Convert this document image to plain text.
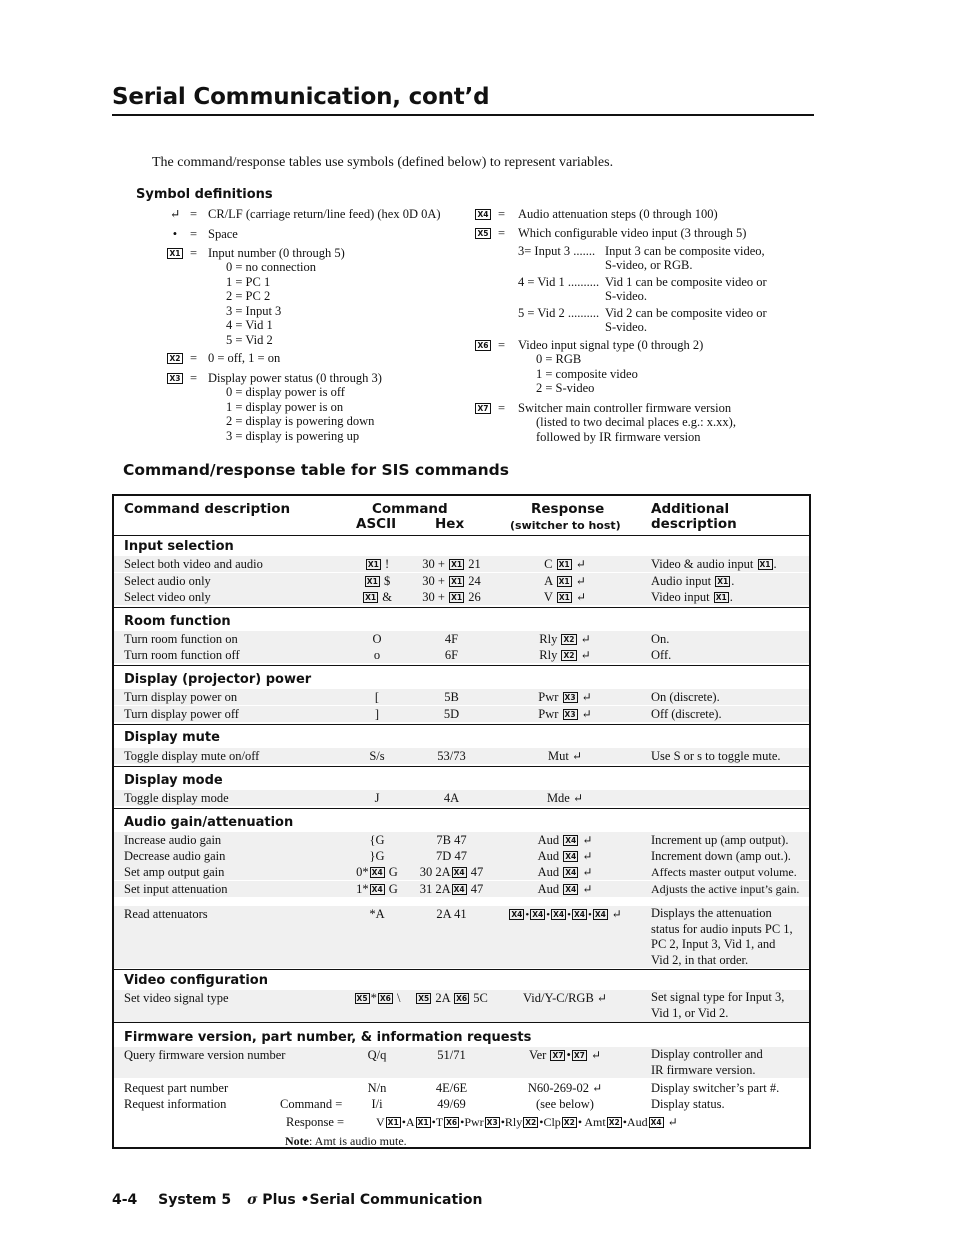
Serial Communication, cont’d
The command/response tables use symbols (defined below) to represent variables.
Symbol definitions
↵ = CR/LF (carriage return/line feed) (hex 0D 0A)
•	= Space
X1 = Input number (0 through 5)
0 = no connection
1 = PC 1
2 = PC 2
3 = Input 3
4 = Vid 1
5 = Vid 2
X2 = 0 = off, 1 = on
X3 = Display power status (0 through 3)
0 = display power is off
1 = display power is on
2 = display is powering down
3 = display is powering up
X4 = Audio attenuation steps (0 through 100)
X5 = Which configurable video input (3 through 5)
3= Input 3 ....... Input 3 can be composite video,
S-video, or RGB.
4 = Vid 1 .......... Vid 1 can be composite video or
S-video.
5 = Vid 2 .......... Vid 2 can be composite video or
S-video.
X6 = Video input signal type (0 through 2)
0 = RGB
1 = composite video
2 = S-video
X7 = Switcher main controller firmware version
(listed to two decimal places e.g.: x.xx),
followed by IR firmware version
Command/response table for SIS commands
Command description	Command
ASCII	Hex
Response
(switcher to host)
Additional
description
Input selection
Select both video and audio	X1 !	30 + X1 21	C X1 ↵	Video & audio input X1 .
Select audio only	X1 $	30 + X1 24	A X1 ↵	Audio input X1 .
Select video only	X1 &	30 + X1 26	V X1 ↵	Video input X1 .
Room function
Turn room function on	O	4F	Rly X2 ↵	On.
Turn room function off	o	6F	Rly X2 ↵	Off.
Display (projector) power
Turn display power on	[	5B	Pwr X3 ↵	On (discrete).
Turn display power off	]	5D	Pwr X3 ↵	Off (discrete).
Display mute
Toggle display mute on/off	S/s	53/73	Mut ↵	Use S or s to toggle mute.
Display mode
Toggle display mode	J	4A	Mde ↵
Audio gain/attenuation
Increase audio gain	{G	7B 47	Aud X4 ↵	Increment up (amp output).
Decrease audio gain	}G	7D 47	Aud X4 ↵	Increment down (amp out.).
Set amp output gain	0* X4 G	30 2A X4 47	Aud X4 ↵	Affects master output volume.
Set input attenuation	1* X4 G	31 2A X4 47	Aud X4 ↵	Adjusts the active input’s gain.
Read attenuators	*A	2A 41	X4 • X4 • X4 • X4 • X4 ↵	Displays the attenuation
status for audio inputs PC 1,
PC 2, Input 3, Vid 1, and
Vid 2, in that order.
Video configuration
Set video signal type	X5 * X6 \	X5 2A X6 5C	Vid/Y-C/RGB ↵	Set signal type for Input 3,
Vid 1, or Vid 2.
Firmware version, part number, & information requests
Query firmware version number	Q/q	51/71	Ver X7 • X7 ↵	Display controller and
IR firmware version.
Request part number	N/n	4E/6E	N60-269-02 ↵	Display switcher’s part #.
Request information	Command =	I/i	49/69	(see below)	Display status.
Response =	V X1 •A X1 •T X6 •Pwr X3 •Rly X2 •Clp X2 • Amt X2 •Aud X4 ↵
Note: Amt is audio mute.
4-4 System 5 σ Plus •Serial Communication
